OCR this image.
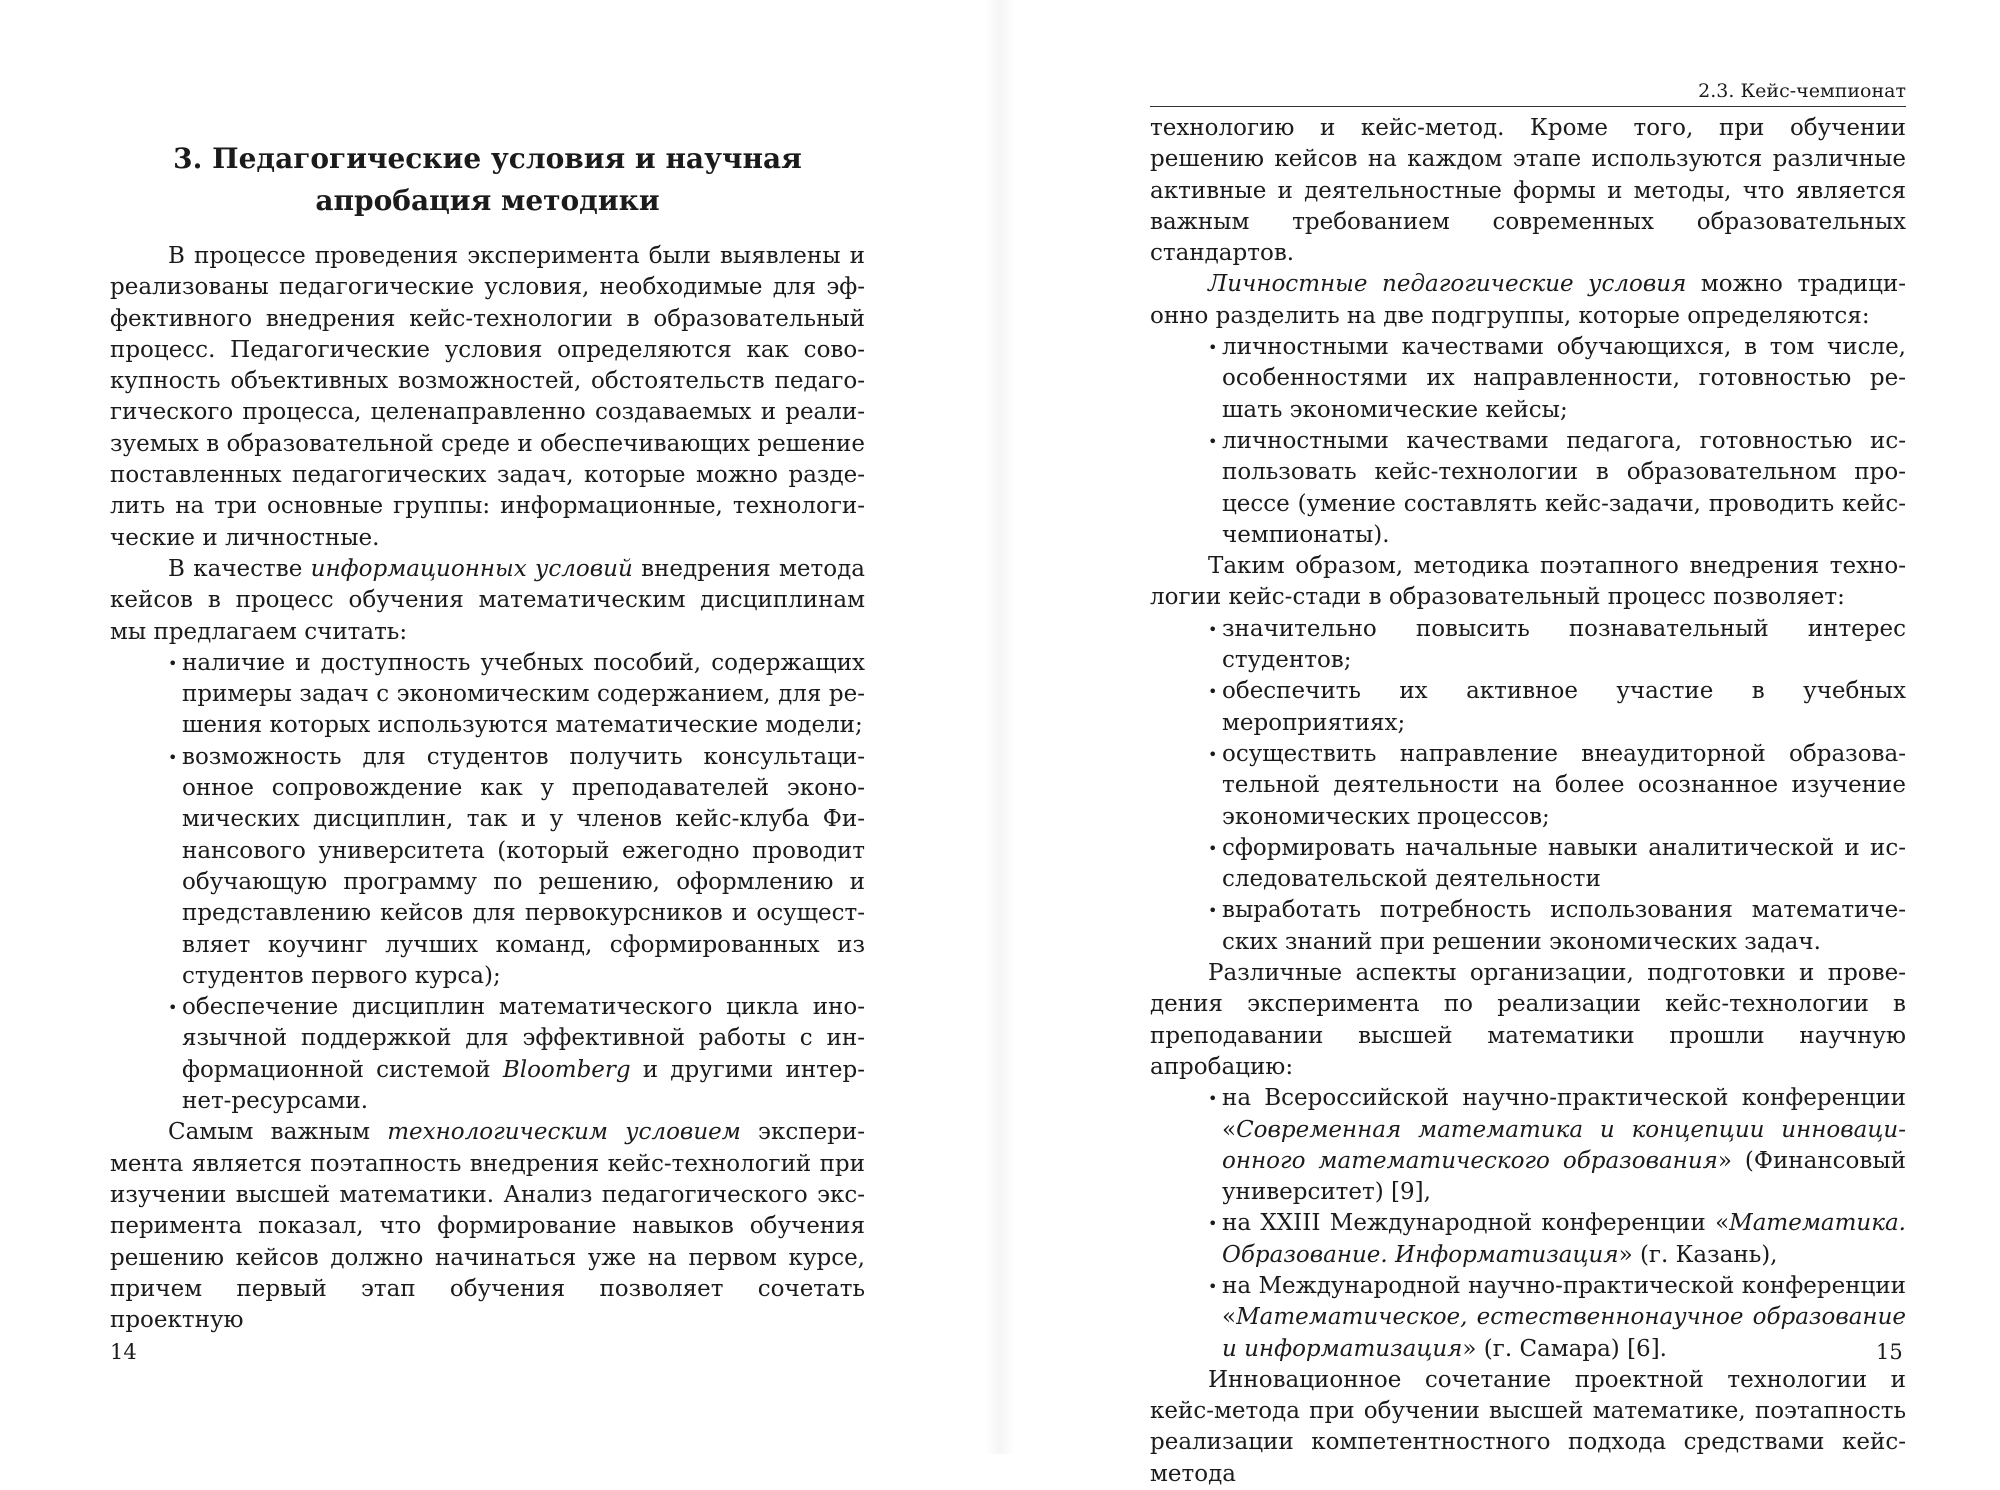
3. Педагогические условия и научная апробация методики

В процессе проведения эксперимента были выявлены и реализованы педагогические условия, необходимые для эффективного внедрения кейс-технологии в образовательный процесс. Педагогические условия определяются как совокупность объективных возможностей, обстоятельств педагогического процесса, целенаправленно создаваемых и реализуемых в образовательной среде и обеспечивающих решение поставленных педагогических задач, которые можно разделить на три основные группы: информационные, технологические и личностные.

В качестве информационных условий внедрения метода кейсов в процесс обучения математическим дисциплинам мы предлагаем считать:

• наличие и доступность учебных пособий, содержащих примеры задач с экономическим содержанием, для решения которых используются математические модели;
• возможность для студентов получить консультационное сопровождение как у преподавателей экономических дисциплин, так и у членов кейс-клуба Финансового университета (который ежегодно проводит обучающую программу по решению, оформлению и представлению кейсов для первокурсников и осуществляет коучинг лучших команд, сформированных из студентов первого курса);
• обеспечение дисциплин математического цикла иноязычной поддержкой для эффективной работы с информационной системой Bloomberg и другими интернет-ресурсами.

Самым важным технологическим условием эксперимента является поэтапность внедрения кейс-технологий при изучении высшей математики. Анализ педагогического эксперимента показал, что формирование навыков обучения решению кейсов должно начинаться уже на первом курсе, причем первый этап обучения позволяет сочетать проектную

14
2.3. Кейс-чемпионат

технологию и кейс-метод. Кроме того, при обучении решению кейсов на каждом этапе используются различные активные и деятельностные формы и методы, что является важным требованием современных образовательных стандартов.

Личностные педагогические условия можно традиционно разделить на две подгруппы, которые определяются:

• личностными качествами обучающихся, в том числе, особенностями их направленности, готовностью решать экономические кейсы;
• личностными качествами педагога, готовностью использовать кейс-технологии в образовательном процессе (умение составлять кейс-задачи, проводить кейс-чемпионаты).

Таким образом, методика поэтапного внедрения технологии кейс-стади в образовательный процесс позволяет:

• значительно повысить познавательный интерес студентов;
• обеспечить их активное участие в учебных мероприятиях;
• осуществить направление внеаудиторной образовательной деятельности на более осознанное изучение экономических процессов;
• сформировать начальные навыки аналитической и исследовательской деятельности
• выработать потребность использования математических знаний при решении экономических задач.

Различные аспекты организации, подготовки и проведения эксперимента по реализации кейс-технологии в преподавании высшей математики прошли научную апробацию:

• на Всероссийской научно-практической конференции «Современная математика и концепции инновационного математического образования» (Финансовый университет) [9],
• на XXIII Международной конференции «Математика. Образование. Информатизация» (г. Казань),
• на Международной научно-практической конференции «Математическое, естественнонаучное образование и информатизация» (г. Самара) [6].

Инновационное сочетание проектной технологии и кейс-метода при обучении высшей математике, поэтапность реализации компетентностного подхода средствами кейс-метода

15
